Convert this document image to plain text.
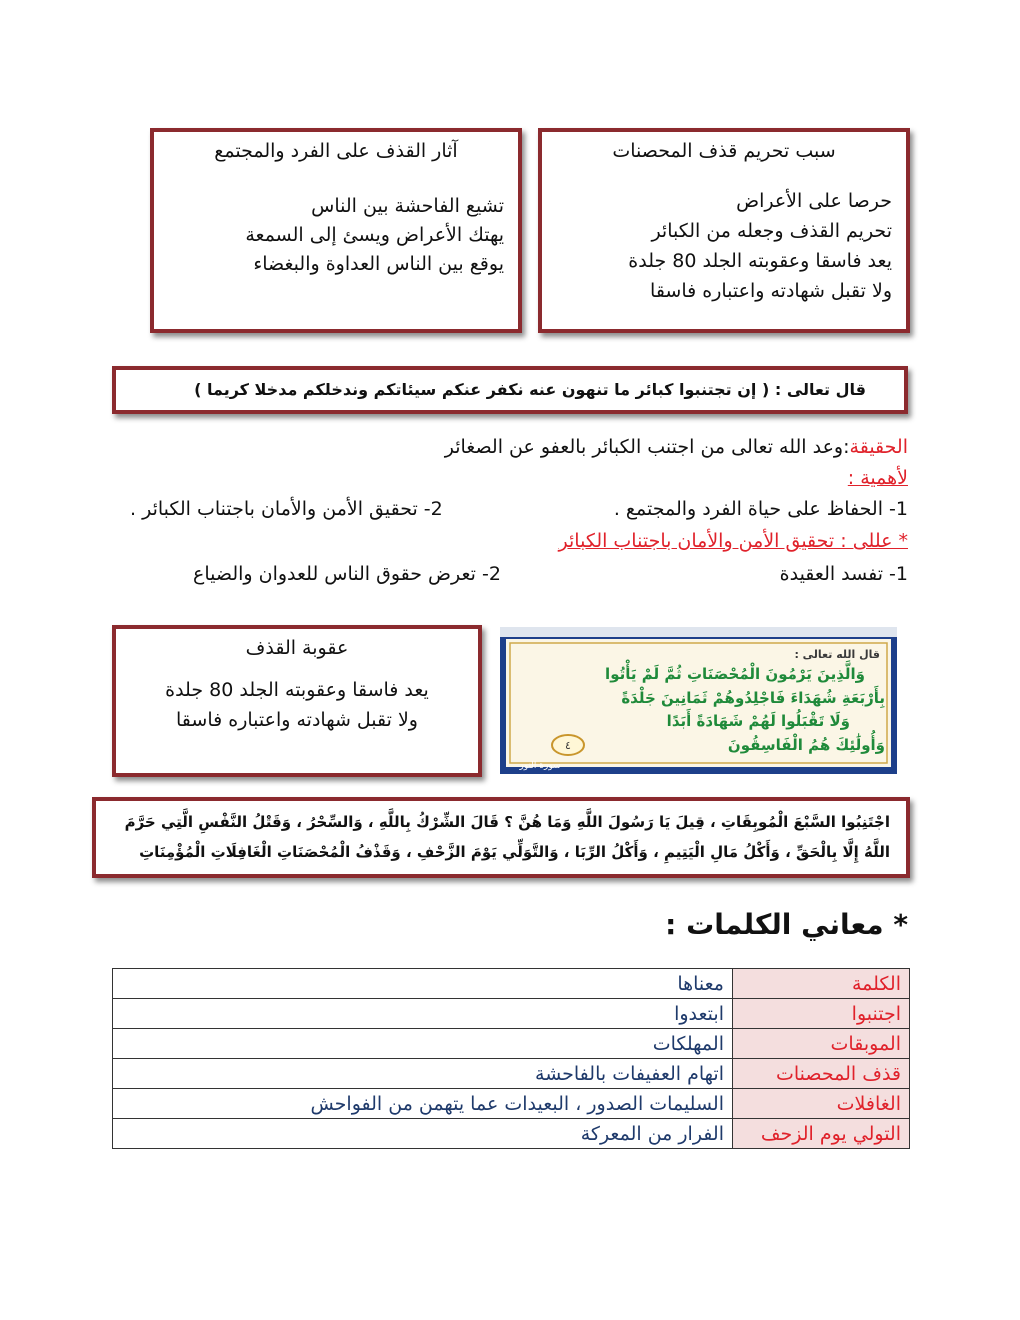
سبب تحريم قذف المحصنات
حرصا على الأعراض
تحريم القذف وجعله من الكبائر
يعد فاسقا وعقوبته الجلد 80 جلدة
ولا تقبل شهادته واعتباره فاسقا
آثار القذف على الفرد والمجتمع
تشيع الفاحشة بين الناس
يهتك الأعراض ويسئ إلى السمعة
يوقع بين الناس العداوة والبغضاء
قال تعالى : ( إن تجتنبوا كبائر ما تنهون عنه نكفر عنكم سيئاتكم وندخلكم مدخلا كريما )
الحقيقة:وعد الله تعالى من اجتنب الكبائر بالعفو عن الصغائر
لأهمية :
1- الحفاظ على حياة الفرد والمجتمع .
2- تحقيق الأمن والأمان باجتناب الكبائر .
* عللى : تحقيق الأمن والأمان باجتناب الكبائر
1- تفسد العقيدة
2- تعرض حقوق الناس للعدوان والضياع
عقوبة القذف
يعد فاسقا وعقوبته الجلد 80 جلدة
ولا تقبل شهادته واعتباره فاسقا
قال الله تعالى :
وَالَّذِينَ يَرْمُونَ الْمُحْصَنَاتِ ثُمَّ لَمْ يَأْتُوا
بِأَرْبَعَةِ شُهَدَاءَ فَاجْلِدُوهُمْ ثَمَانِينَ جَلْدَةً
وَلَا تَقْبَلُوا لَهُمْ شَهَادَةً أَبَدًا
وَأُولَٰئِكَ هُمُ الْفَاسِقُونَ
٤
سورة النور
اجْتَنِبُوا السَّبْعَ الْمُوبِقَاتِ ، قِيلَ يَا رَسُولَ اللَّهِ وَمَا هُنَّ ؟ قَالَ الشِّرْكُ بِاللَّهِ ، وَالسِّحْرُ ، وَقَتْلُ النَّفْسِ الَّتِي حَرَّمَ اللَّهُ إِلَّا بِالْحَقِّ ، وَأَكْلُ مَالِ الْيَتِيمِ ، وَأَكْلُ الرِّبَا ، وَالتَّوَلِّي يَوْمَ الزَّحْفِ ، وَقَذْفُ الْمُحْصَنَاتِ الْغَافِلَاتِ الْمُؤْمِنَاتِ
* معاني الكلمات :
الكلمة	معناها
اجتنبوا	ابتعدوا
الموبقات	المهلكات
قذف المحصنات	اتهام العفيفات بالفاحشة
الغافلات	السليمات الصدور ، البعيدات عما يتهمن من الفواحش
التولي يوم الزحف	الفرار من المعركة
